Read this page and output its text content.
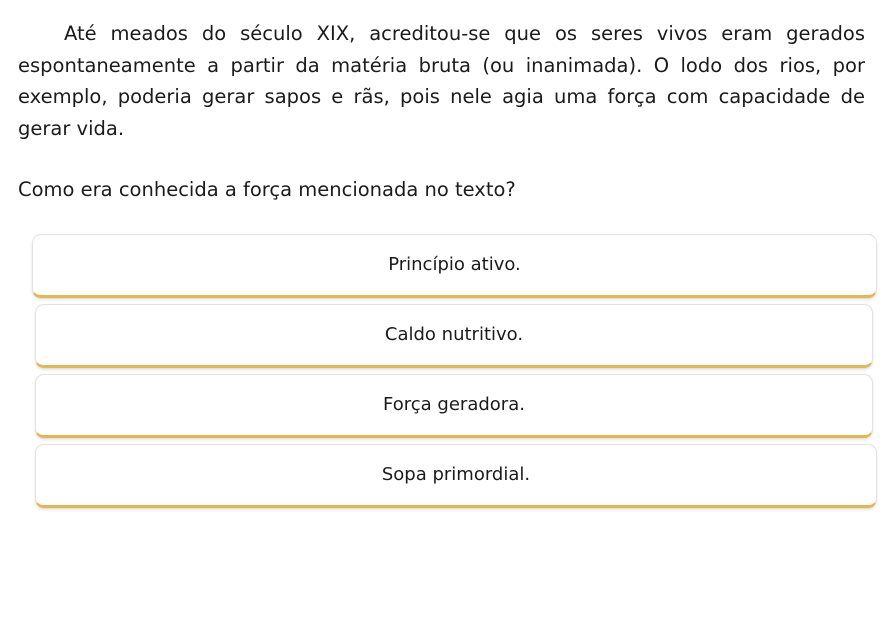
Até meados do século XIX, acreditou-se que os seres vivos eram gerados espontaneamente a partir da matéria bruta (ou inanimada). O lodo dos rios, por exemplo, poderia gerar sapos e rãs, pois nele agia uma força com capacidade de gerar vida.

Como era conhecida a força mencionada no texto?

Princípio ativo.
Caldo nutritivo.
Força geradora.
Sopa primordial.
